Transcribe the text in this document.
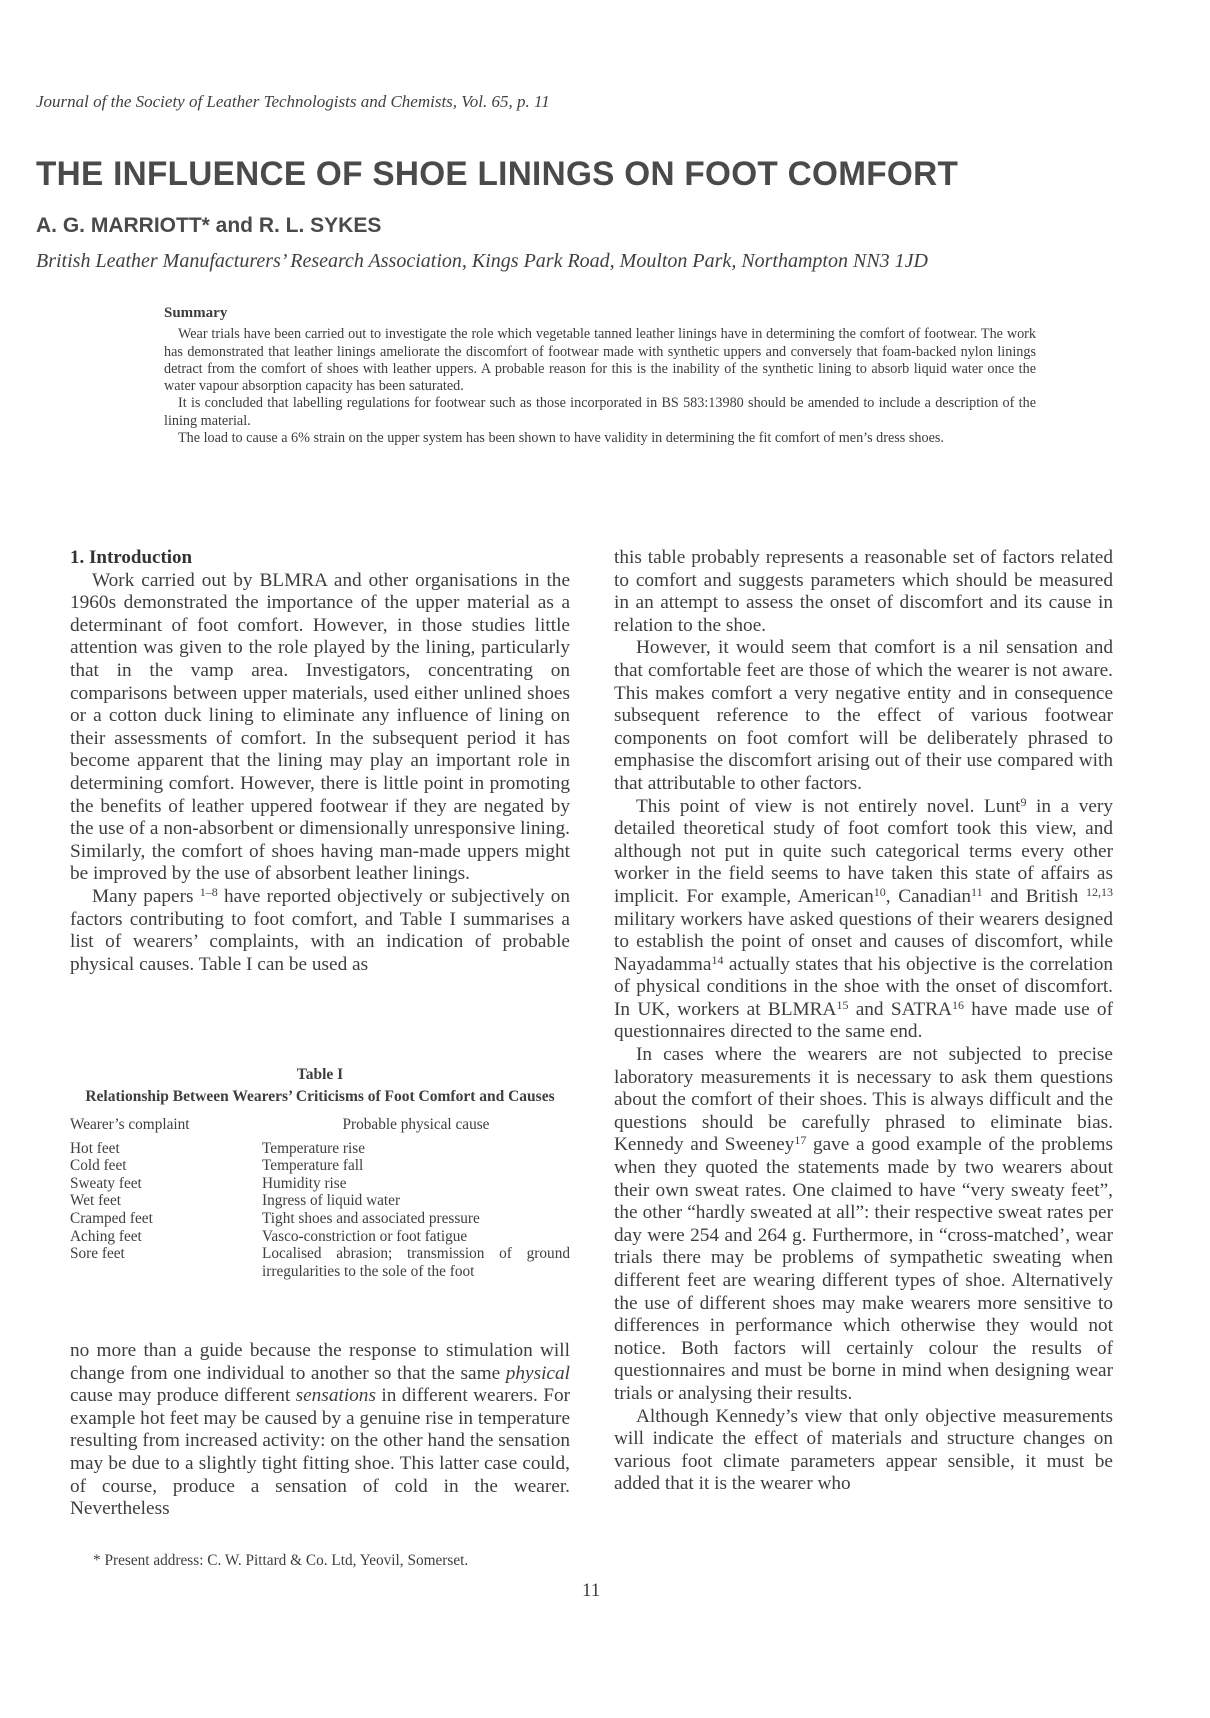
Journal of the Society of Leather Technologists and Chemists, Vol. 65, p. 11
THE INFLUENCE OF SHOE LININGS ON FOOT COMFORT
A. G. MARRIOTT* and R. L. SYKES
British Leather Manufacturers’ Research Association, Kings Park Road, Moulton Park, Northampton NN3 1JD
Summary

Wear trials have been carried out to investigate the role which vegetable tanned leather linings have in determining the comfort of footwear. The work has demonstrated that leather linings ameliorate the discomfort of footwear made with synthetic uppers and conversely that foam-backed nylon linings detract from the comfort of shoes with leather uppers. A probable reason for this is the inability of the synthetic lining to absorb liquid water once the water vapour absorption capacity has been saturated.

It is concluded that labelling regulations for footwear such as those incorporated in BS 583:13980 should be amended to include a description of the lining material.

The load to cause a 6% strain on the upper system has been shown to have validity in determining the fit comfort of men’s dress shoes.

1. Introduction

Work carried out by BLMRA and other organisations in the 1960s demonstrated the importance of the upper material as a determinant of foot comfort. However, in those studies little attention was given to the role played by the lining, particularly that in the vamp area. Investigators, concentrating on comparisons between upper materials, used either unlined shoes or a cotton duck lining to eliminate any influence of lining on their assessments of comfort. In the subsequent period it has become apparent that the lining may play an important role in determining comfort. However, there is little point in promoting the benefits of leather uppered footwear if they are negated by the use of a non-absorbent or dimensionally unresponsive lining. Similarly, the comfort of shoes having man-made uppers might be improved by the use of absorbent leather linings.

Many papers $^{1-8}$ have reported objectively or subjectively on factors contributing to foot comfort, and Table I summarises a list of wearers’ complaints, with an indication of probable physical causes. Table I can be used as

Table I
Relationship Between Wearers’ Criticisms of Foot Comfort and Causes
Wearer’s complaint	Probable physical cause
Hot feet	Temperature rise
Cold feet	Temperature fall
Sweaty feet	Humidity rise
Wet feet	Ingress of liquid water
Cramped feet	Tight shoes and associated pressure
Aching feet	Vasco-constriction or foot fatigue
Sore feet	Localised abrasion; transmission of ground irregularities to the sole of the foot

no more than a guide because the response to stimulation will change from one individual to another so that the same physical cause may produce different sensations in different wearers. For example hot feet may be caused by a genuine rise in temperature resulting from increased activity: on the other hand the sensation may be due to a slightly tight fitting shoe. This latter case could, of course, produce a sensation of cold in the wearer. Nevertheless

* Present address: C. W. Pittard & Co. Ltd, Yeovil, Somerset.

this table probably represents a reasonable set of factors related to comfort and suggests parameters which should be measured in an attempt to assess the onset of discomfort and its cause in relation to the shoe.

However, it would seem that comfort is a nil sensation and that comfortable feet are those of which the wearer is not aware. This makes comfort a very negative entity and in consequence subsequent reference to the effect of various footwear components on foot comfort will be deliberately phrased to emphasise the discomfort arising out of their use compared with that attributable to other factors.

This point of view is not entirely novel. Lunt$^9$ in a very detailed theoretical study of foot comfort took this view, and although not put in quite such categorical terms every other worker in the field seems to have taken this state of affairs as implicit. For example, American$^{10}$, Canadian$^{11}$ and British $^{12,13}$ military workers have asked questions of their wearers designed to establish the point of onset and causes of discomfort, while Nayadamma$^{14}$ actually states that his objective is the correlation of physical conditions in the shoe with the onset of discomfort. In UK, workers at BLMRA$^{15}$ and SATRA$^{16}$ have made use of questionnaires directed to the same end.

In cases where the wearers are not subjected to precise laboratory measurements it is necessary to ask them questions about the comfort of their shoes. This is always difficult and the questions should be carefully phrased to eliminate bias. Kennedy and Sweeney$^{17}$ gave a good example of the problems when they quoted the statements made by two wearers about their own sweat rates. One claimed to have “very sweaty feet”, the other “hardly sweated at all”: their respective sweat rates per day were 254 and 264 g. Furthermore, in “cross-matched’, wear trials there may be problems of sympathetic sweating when different feet are wearing different types of shoe. Alternatively the use of different shoes may make wearers more sensitive to differences in performance which otherwise they would not notice. Both factors will certainly colour the results of questionnaires and must be borne in mind when designing wear trials or analysing their results.

Although Kennedy’s view that only objective measurements will indicate the effect of materials and structure changes on various foot climate parameters appear sensible, it must be added that it is the wearer who

11
